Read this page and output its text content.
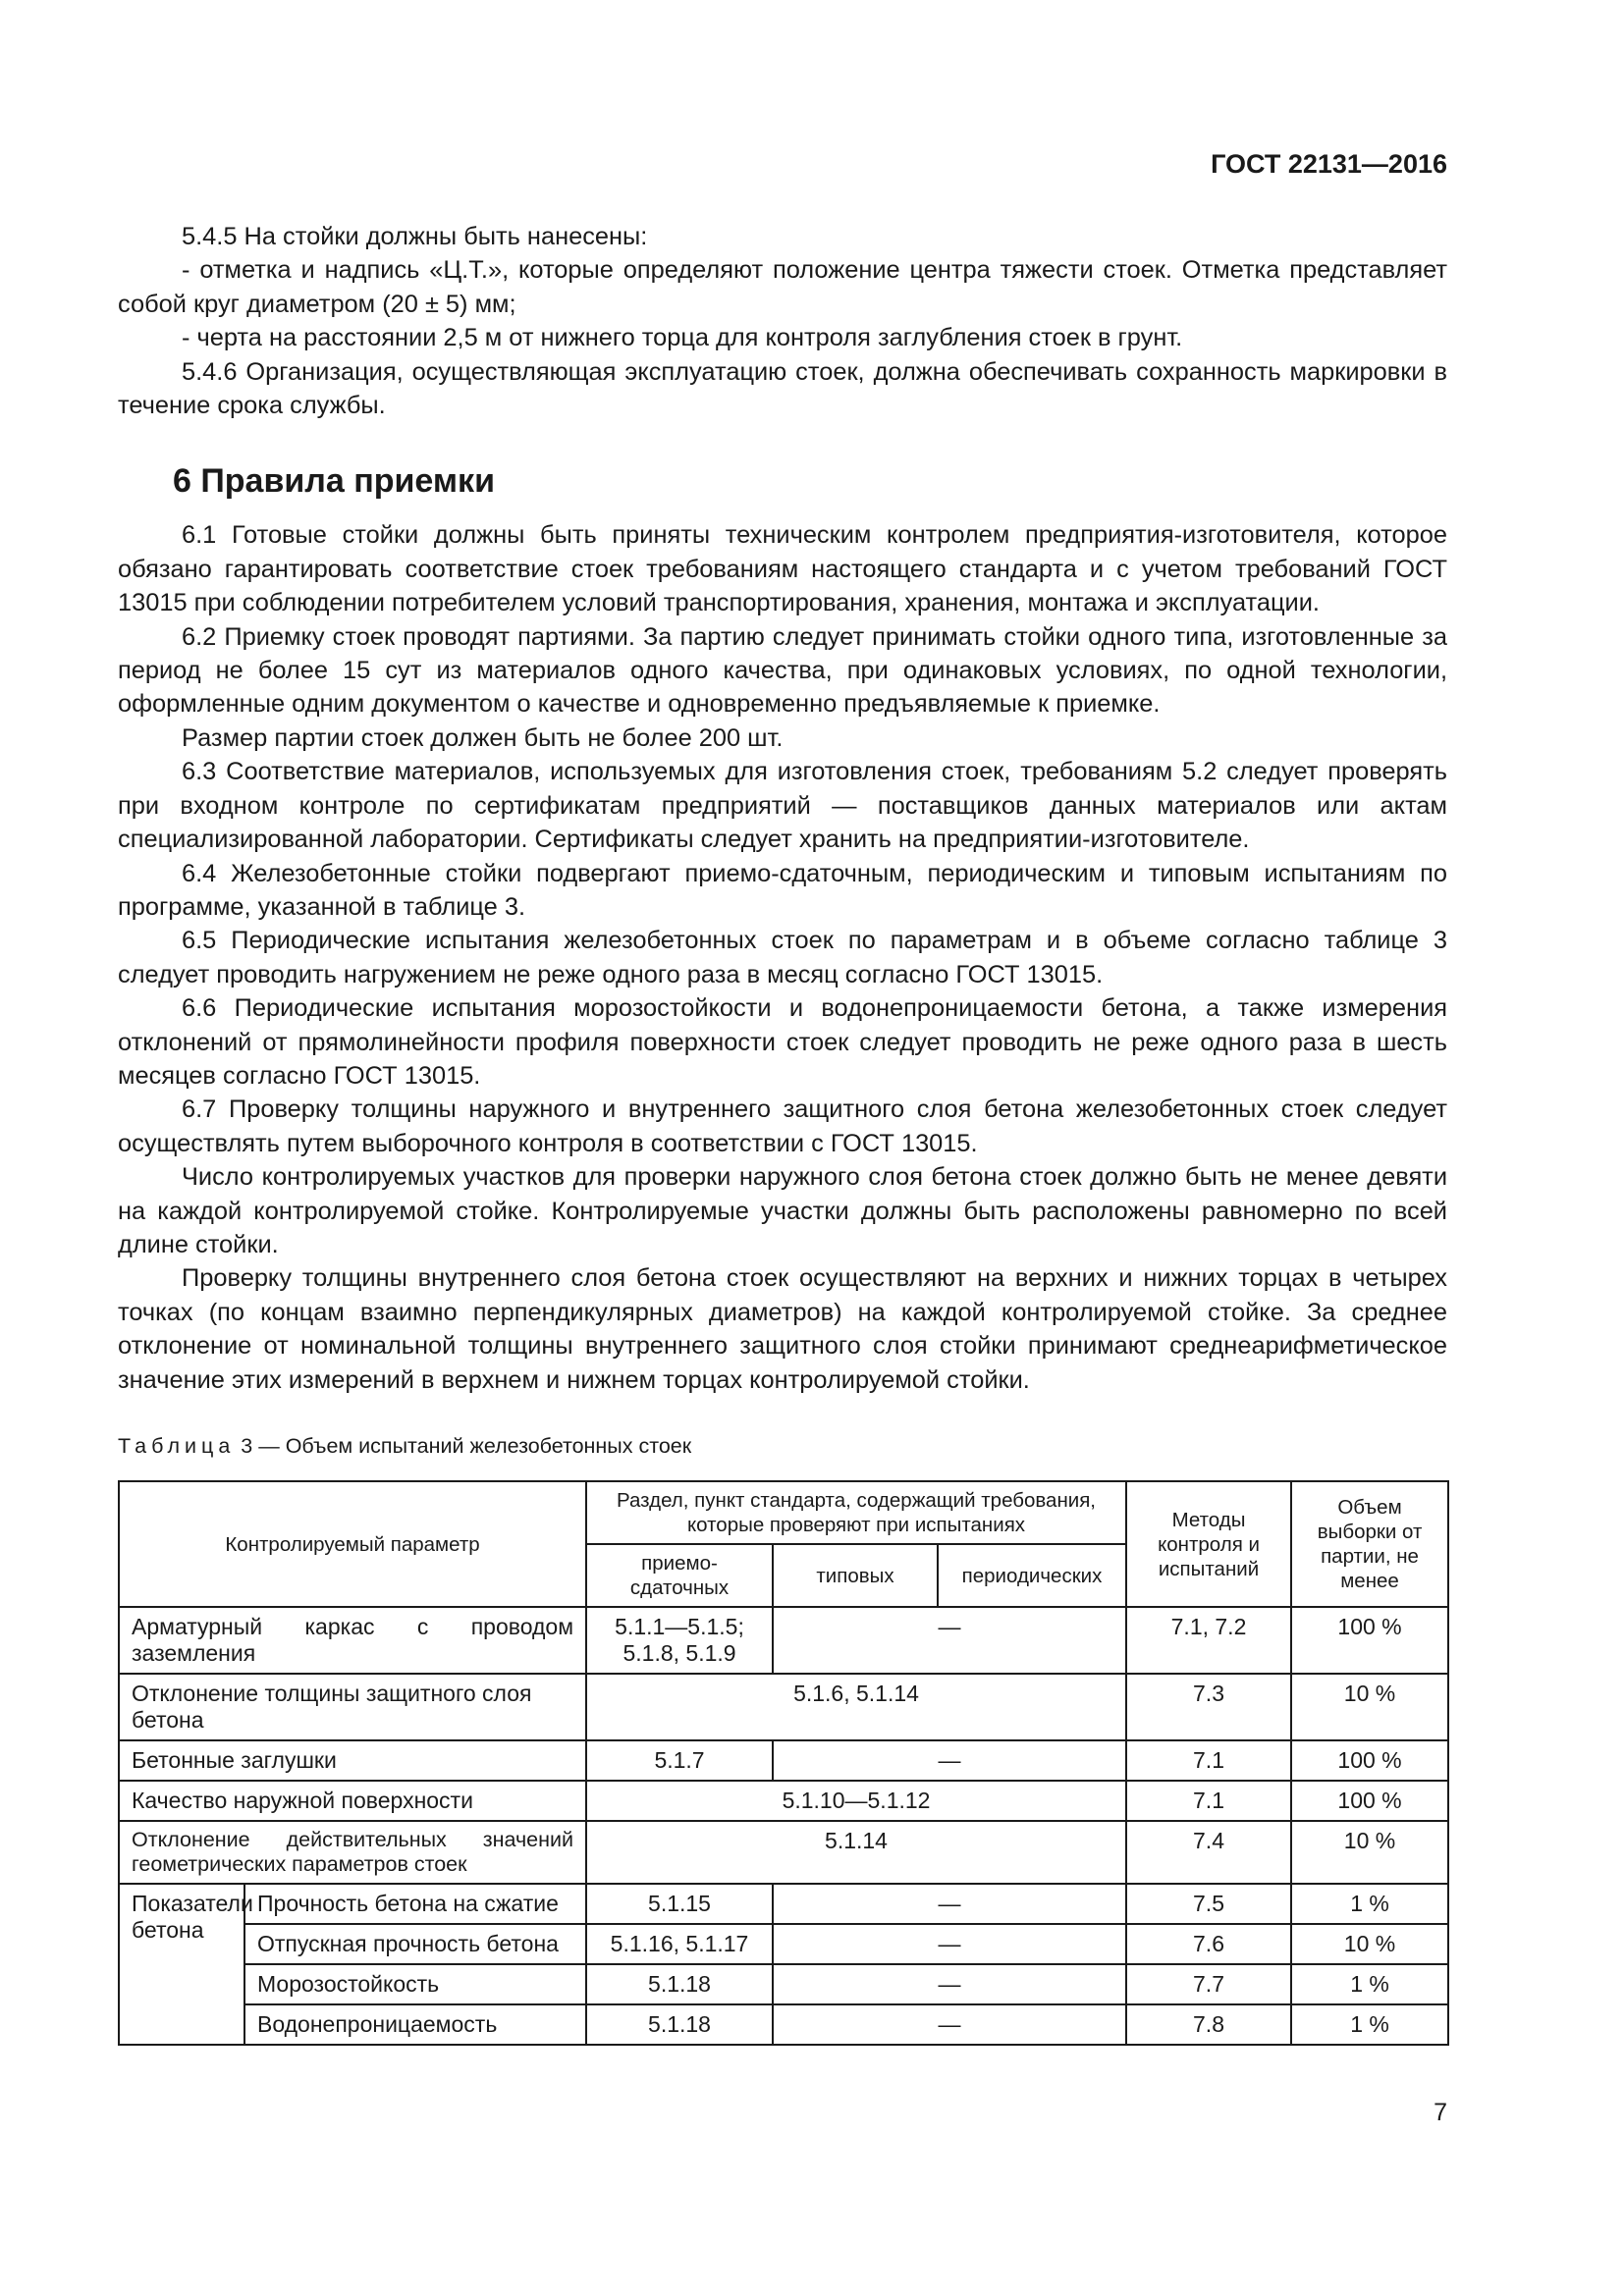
ГОСТ 22131—2016

5.4.5 На стойки должны быть нанесены:

- отметка и надпись «Ц.Т.», которые определяют положение центра тяжести стоек. Отметка представляет собой круг диаметром (20 ± 5) мм;

- черта на расстоянии 2,5 м от нижнего торца для контроля заглубления стоек в грунт.

5.4.6 Организация, осуществляющая эксплуатацию стоек, должна обеспечивать сохранность маркировки в течение срока службы.

6 Правила приемки

6.1 Готовые стойки должны быть приняты техническим контролем предприятия-изготовителя, которое обязано гарантировать соответствие стоек требованиям настоящего стандарта и с учетом требований ГОСТ 13015 при соблюдении потребителем условий транспортирования, хранения, монтажа и эксплуатации.

6.2 Приемку стоек проводят партиями. За партию следует принимать стойки одного типа, изготовленные за период не более 15 сут из материалов одного качества, при одинаковых условиях, по одной технологии, оформленные одним документом о качестве и одновременно предъявляемые к приемке.

Размер партии стоек должен быть не более 200 шт.

6.3 Соответствие материалов, используемых для изготовления стоек, требованиям 5.2 следует проверять при входном контроле по сертификатам предприятий — поставщиков данных материалов или актам специализированной лаборатории. Сертификаты следует хранить на предприятии-изготовителе.

6.4 Железобетонные стойки подвергают приемо-сдаточным, периодическим и типовым испытаниям по программе, указанной в таблице 3.

6.5 Периодические испытания железобетонных стоек по параметрам и в объеме согласно таблице 3 следует проводить нагружением не реже одного раза в месяц согласно ГОСТ 13015.

6.6 Периодические испытания морозостойкости и водонепроницаемости бетона, а также измерения отклонений от прямолинейности профиля поверхности стоек следует проводить не реже одного раза в шесть месяцев согласно ГОСТ 13015.

6.7 Проверку толщины наружного и внутреннего защитного слоя бетона железобетонных стоек следует осуществлять путем выборочного контроля в соответствии с ГОСТ 13015.

Число контролируемых участков для проверки наружного слоя бетона стоек должно быть не менее девяти на каждой контролируемой стойке. Контролируемые участки должны быть расположены равномерно по всей длине стойки.

Проверку толщины внутреннего слоя бетона стоек осуществляют на верхних и нижних торцах в четырех точках (по концам взаимно перпендикулярных диаметров) на каждой контролируемой стойке. За среднее отклонение от номинальной толщины внутреннего защитного слоя стойки принимают среднеарифметическое значение этих измерений в верхнем и нижнем торцах контролируемой стойки.

Таблица 3 — Объем испытаний железобетонных стоек
Контролируемый параметр		Раздел, пункт стандарта, содержащий требования, которые проверяют при испытаниях			Методы контроля и испытаний	Объем выборки от партии, не менее
		приемо-сдаточных	типовых	периодических		
Арматурный каркас с проводом заземления		5.1.1—5.1.5; 5.1.8, 5.1.9	—		7.1, 7.2	100 %
Отклонение толщины защитного слоя бетона		5.1.6, 5.1.14			7.3	10 %
Бетонные заглушки		5.1.7	—		7.1	100 %
Качество наружной поверхности		5.1.10—5.1.12			7.1	100 %
Отклонение действительных значений геометрических параметров стоек		5.1.14			7.4	10 %
Показатели бетона	Прочность бетона на сжатие	5.1.15	—		7.5	1 %
	Отпускная прочность бетона	5.1.16, 5.1.17	—		7.6	10 %
	Морозостойкость	5.1.18	—		7.7	1 %
	Водонепроницаемость	5.1.18	—		7.8	1 %
7
